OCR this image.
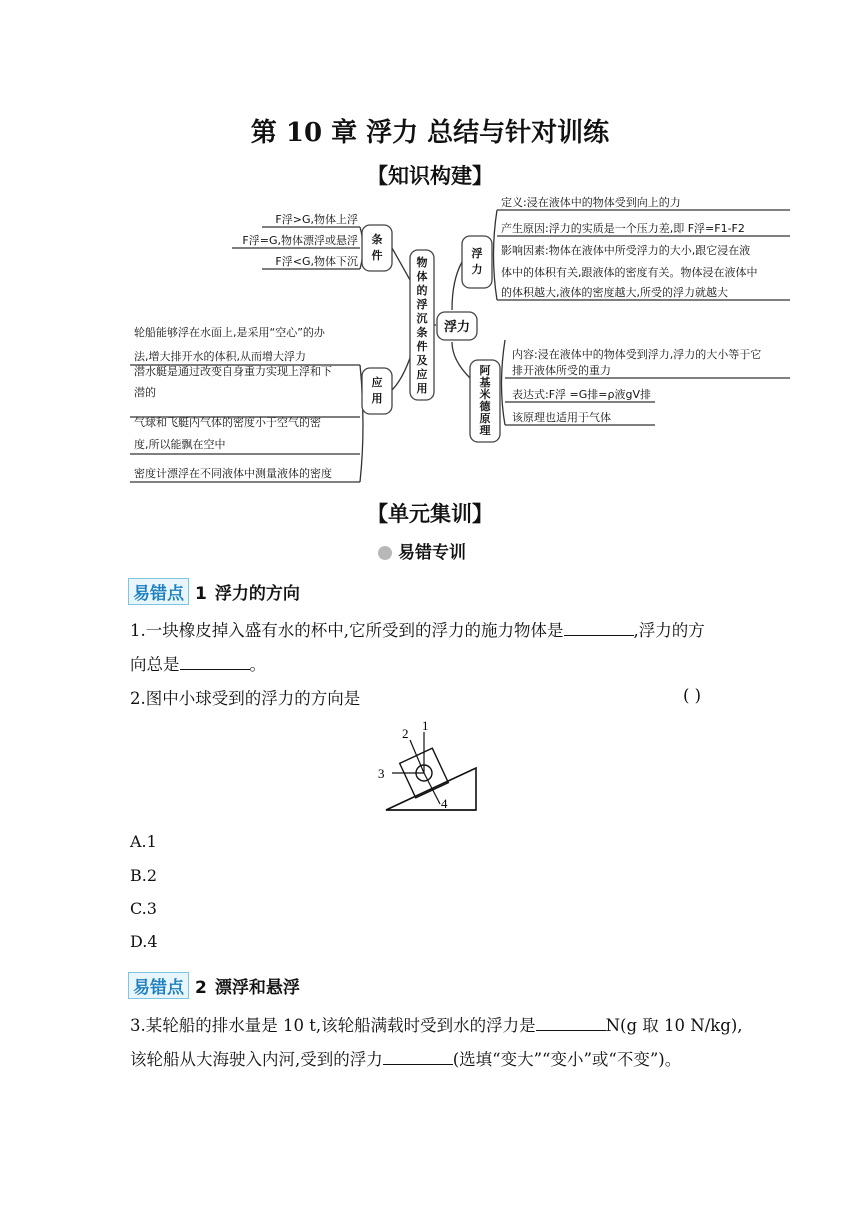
第 10 章 浮力 总结与针对训练
【知识构建】
F浮>G,物体上浮
F浮=G,物体漂浮或悬浮
F浮<G,物体下沉
条
件
物
体
的
浮
沉
条
件
及
应
用
浮力
浮
力
定义:浸在液体中的物体受到向上的力
产生原因:浮力的实质是一个压力差,即 F浮=F1-F2
影响因素:物体在液体中所受浮力的大小,跟它浸在液
体中的体积有关,跟液体的密度有关。物体浸在液体中
的体积越大,液体的密度越大,所受的浮力就越大
阿
基
米
德
原
理
内容:浸在液体中的物体受到浮力,浮力的大小等于它
排开液体所受的重力
表达式:F浮 =G排=ρ液gV排
该原理也适用于气体
应
用
轮船能够浮在水面上,是采用“空心”的办
法,增大排开水的体积,从而增大浮力
潜水艇是通过改变自身重力实现上浮和下
潜的
气球和飞艇内气体的密度小于空气的密
度,所以能飘在空中
密度计漂浮在不同液体中测量液体的密度
【单元集训】
易错专训
易错点 1 浮力的方向
1.一块橡皮掉入盛有水的杯中,它所受到的浮力的施力物体是	,浮力的方
向总是	。
2.图中小球受到的浮力的方向是	( )
1
2
3
4
A.1
B.2
C.3
D.4
易错点 2 漂浮和悬浮
3.某轮船的排水量是 10 t,该轮船满载时受到水的浮力是	N(g 取 10 N/kg),
该轮船从大海驶入内河,受到的浮力	(选填“变大”“变小”或“不变”)。
